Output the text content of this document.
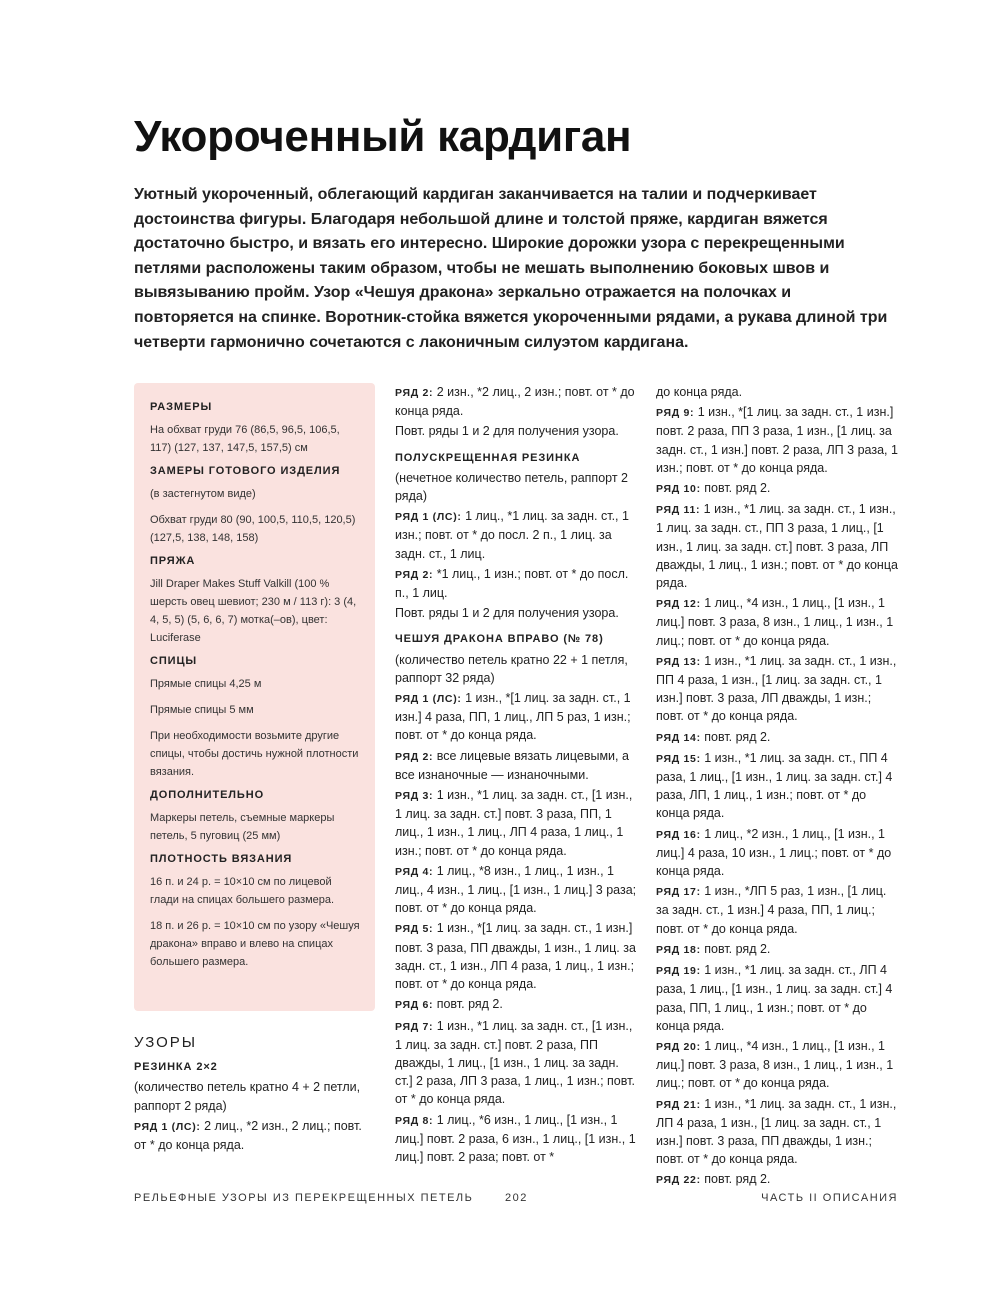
Укороченный кардиган

Уютный укороченный, облегающий кардиган заканчивается на талии и подчеркивает достоинства фигуры. Благодаря небольшой длине и толстой пряже, кардиган вяжется достаточно быстро, и вязать его интересно. Широкие дорожки узора с перекрещенными петлями расположены таким образом, чтобы не мешать выполнению боковых швов и вывязыванию пройм. Узор «Чешуя дракона» зеркально отражается на полочках и повторяется на спинке. Воротник-стойка вяжется укороченными рядами, а рукава длиной три четверти гармонично сочетаются с лаконичным силуэтом кардигана.

РАЗМЕРЫ

На обхват груди 76 (86,5, 96,5, 106,5, 117) (127, 137, 147,5, 157,5) см

ЗАМЕРЫ ГОТОВОГО ИЗДЕЛИЯ

(в застегнутом виде)

Обхват груди 80 (90, 100,5, 110,5, 120,5) (127,5, 138, 148, 158)

ПРЯЖА

Jill Draper Makes Stuff Valkill (100 % шерсть овец шевиот; 230 м / 113 г): 3 (4, 4, 5, 5) (5, 6, 6, 7) мотка(–ов), цвет: Luciferase

СПИЦЫ

Прямые спицы 4,25 м

Прямые спицы 5 мм

При необходимости возьмите другие спицы, чтобы достичь нужной плотности вязания.

ДОПОЛНИТЕЛЬНО

Маркеры петель, съемные маркеры петель, 5 пуговиц (25 мм)

ПЛОТНОСТЬ ВЯЗАНИЯ

16 п. и 24 р. = 10×10 см по лицевой глади на спицах большего размера.

18 п. и 26 р. = 10×10 см по узору «Чешуя дракона» вправо и влево на спицах большего размера.

УЗОРЫ

РЕЗИНКА 2×2

(количество петель кратно 4 + 2 петли, раппорт 2 ряда)

РЯД 1 (ЛС): 2 лиц., *2 изн., 2 лиц.; повт. от * до конца ряда.

РЯД 2: 2 изн., *2 лиц., 2 изн.; повт. от * до конца ряда.

Повт. ряды 1 и 2 для получения узора.

ПОЛУСКРЕЩЕННАЯ РЕЗИНКА

(нечетное количество петель, раппорт 2 ряда)

РЯД 1 (ЛС): 1 лиц., *1 лиц. за задн. ст., 1 изн.; повт. от * до посл. 2 п., 1 лиц. за задн. ст., 1 лиц.

РЯД 2: *1 лиц., 1 изн.; повт. от * до посл. п., 1 лиц.

Повт. ряды 1 и 2 для получения узора.

ЧЕШУЯ ДРАКОНА ВПРАВО (№ 78)

(количество петель кратно 22 + 1 петля, раппорт 32 ряда)

РЯД 1 (ЛС): 1 изн., *[1 лиц. за задн. ст., 1 изн.] 4 раза, ПП, 1 лиц., ЛП 5 раз, 1 изн.; повт. от * до конца ряда.

РЯД 2: все лицевые вязать лицевыми, а все изнаночные — изнаночными.

РЯД 3: 1 изн., *1 лиц. за задн. ст., [1 изн., 1 лиц. за задн. ст.] повт. 3 раза, ПП, 1 лиц., 1 изн., 1 лиц., ЛП 4 раза, 1 лиц., 1 изн.; повт. от * до конца ряда.

РЯД 4: 1 лиц., *8 изн., 1 лиц., 1 изн., 1 лиц., 4 изн., 1 лиц., [1 изн., 1 лиц.] 3 раза; повт. от * до конца ряда.

РЯД 5: 1 изн., *[1 лиц. за задн. ст., 1 изн.] повт. 3 раза, ПП дважды, 1 изн., 1 лиц. за задн. ст., 1 изн., ЛП 4 раза, 1 лиц., 1 изн.; повт. от * до конца ряда.

РЯД 6: повт. ряд 2.

РЯД 7: 1 изн., *1 лиц. за задн. ст., [1 изн., 1 лиц. за задн. ст.] повт. 2 раза, ПП дважды, 1 лиц., [1 изн., 1 лиц. за задн. ст.] 2 раза, ЛП 3 раза, 1 лиц., 1 изн.; повт. от * до конца ряда.

РЯД 8: 1 лиц., *6 изн., 1 лиц., [1 изн., 1 лиц.] повт. 2 раза, 6 изн., 1 лиц., [1 изн., 1 лиц.] повт. 2 раза; повт. от *

до конца ряда.

РЯД 9: 1 изн., *[1 лиц. за задн. ст., 1 изн.] повт. 2 раза, ПП 3 раза, 1 изн., [1 лиц. за задн. ст., 1 изн.] повт. 2 раза, ЛП 3 раза, 1 изн.; повт. от * до конца ряда.

РЯД 10: повт. ряд 2.

РЯД 11: 1 изн., *1 лиц. за задн. ст., 1 изн., 1 лиц. за задн. ст., ПП 3 раза, 1 лиц., [1 изн., 1 лиц. за задн. ст.] повт. 3 раза, ЛП дважды, 1 лиц., 1 изн.; повт. от * до конца ряда.

РЯД 12: 1 лиц., *4 изн., 1 лиц., [1 изн., 1 лиц.] повт. 3 раза, 8 изн., 1 лиц., 1 изн., 1 лиц.; повт. от * до конца ряда.

РЯД 13: 1 изн., *1 лиц. за задн. ст., 1 изн., ПП 4 раза, 1 изн., [1 лиц. за задн. ст., 1 изн.] повт. 3 раза, ЛП дважды, 1 изн.; повт. от * до конца ряда.

РЯД 14: повт. ряд 2.

РЯД 15: 1 изн., *1 лиц. за задн. ст., ПП 4 раза, 1 лиц., [1 изн., 1 лиц. за задн. ст.] 4 раза, ЛП, 1 лиц., 1 изн.; повт. от * до конца ряда.

РЯД 16: 1 лиц., *2 изн., 1 лиц., [1 изн., 1 лиц.] 4 раза, 10 изн., 1 лиц.; повт. от * до конца ряда.

РЯД 17: 1 изн., *ЛП 5 раз, 1 изн., [1 лиц. за задн. ст., 1 изн.] 4 раза, ПП, 1 лиц.; повт. от * до конца ряда.

РЯД 18: повт. ряд 2.

РЯД 19: 1 изн., *1 лиц. за задн. ст., ЛП 4 раза, 1 лиц., [1 изн., 1 лиц. за задн. ст.] 4 раза, ПП, 1 лиц., 1 изн.; повт. от * до конца ряда.

РЯД 20: 1 лиц., *4 изн., 1 лиц., [1 изн., 1 лиц.] повт. 3 раза, 8 изн., 1 лиц., 1 изн., 1 лиц.; повт. от * до конца ряда.

РЯД 21: 1 изн., *1 лиц. за задн. ст., 1 изн., ЛП 4 раза, 1 изн., [1 лиц. за задн. ст., 1 изн.] повт. 3 раза, ПП дважды, 1 изн.; повт. от * до конца ряда.

РЯД 22: повт. ряд 2.

РЕЛЬЕФНЫЕ УЗОРЫ ИЗ ПЕРЕКРЕЩЕННЫХ ПЕТЕЛЬ	202	ЧАСТЬ II ОПИСАНИЯ
